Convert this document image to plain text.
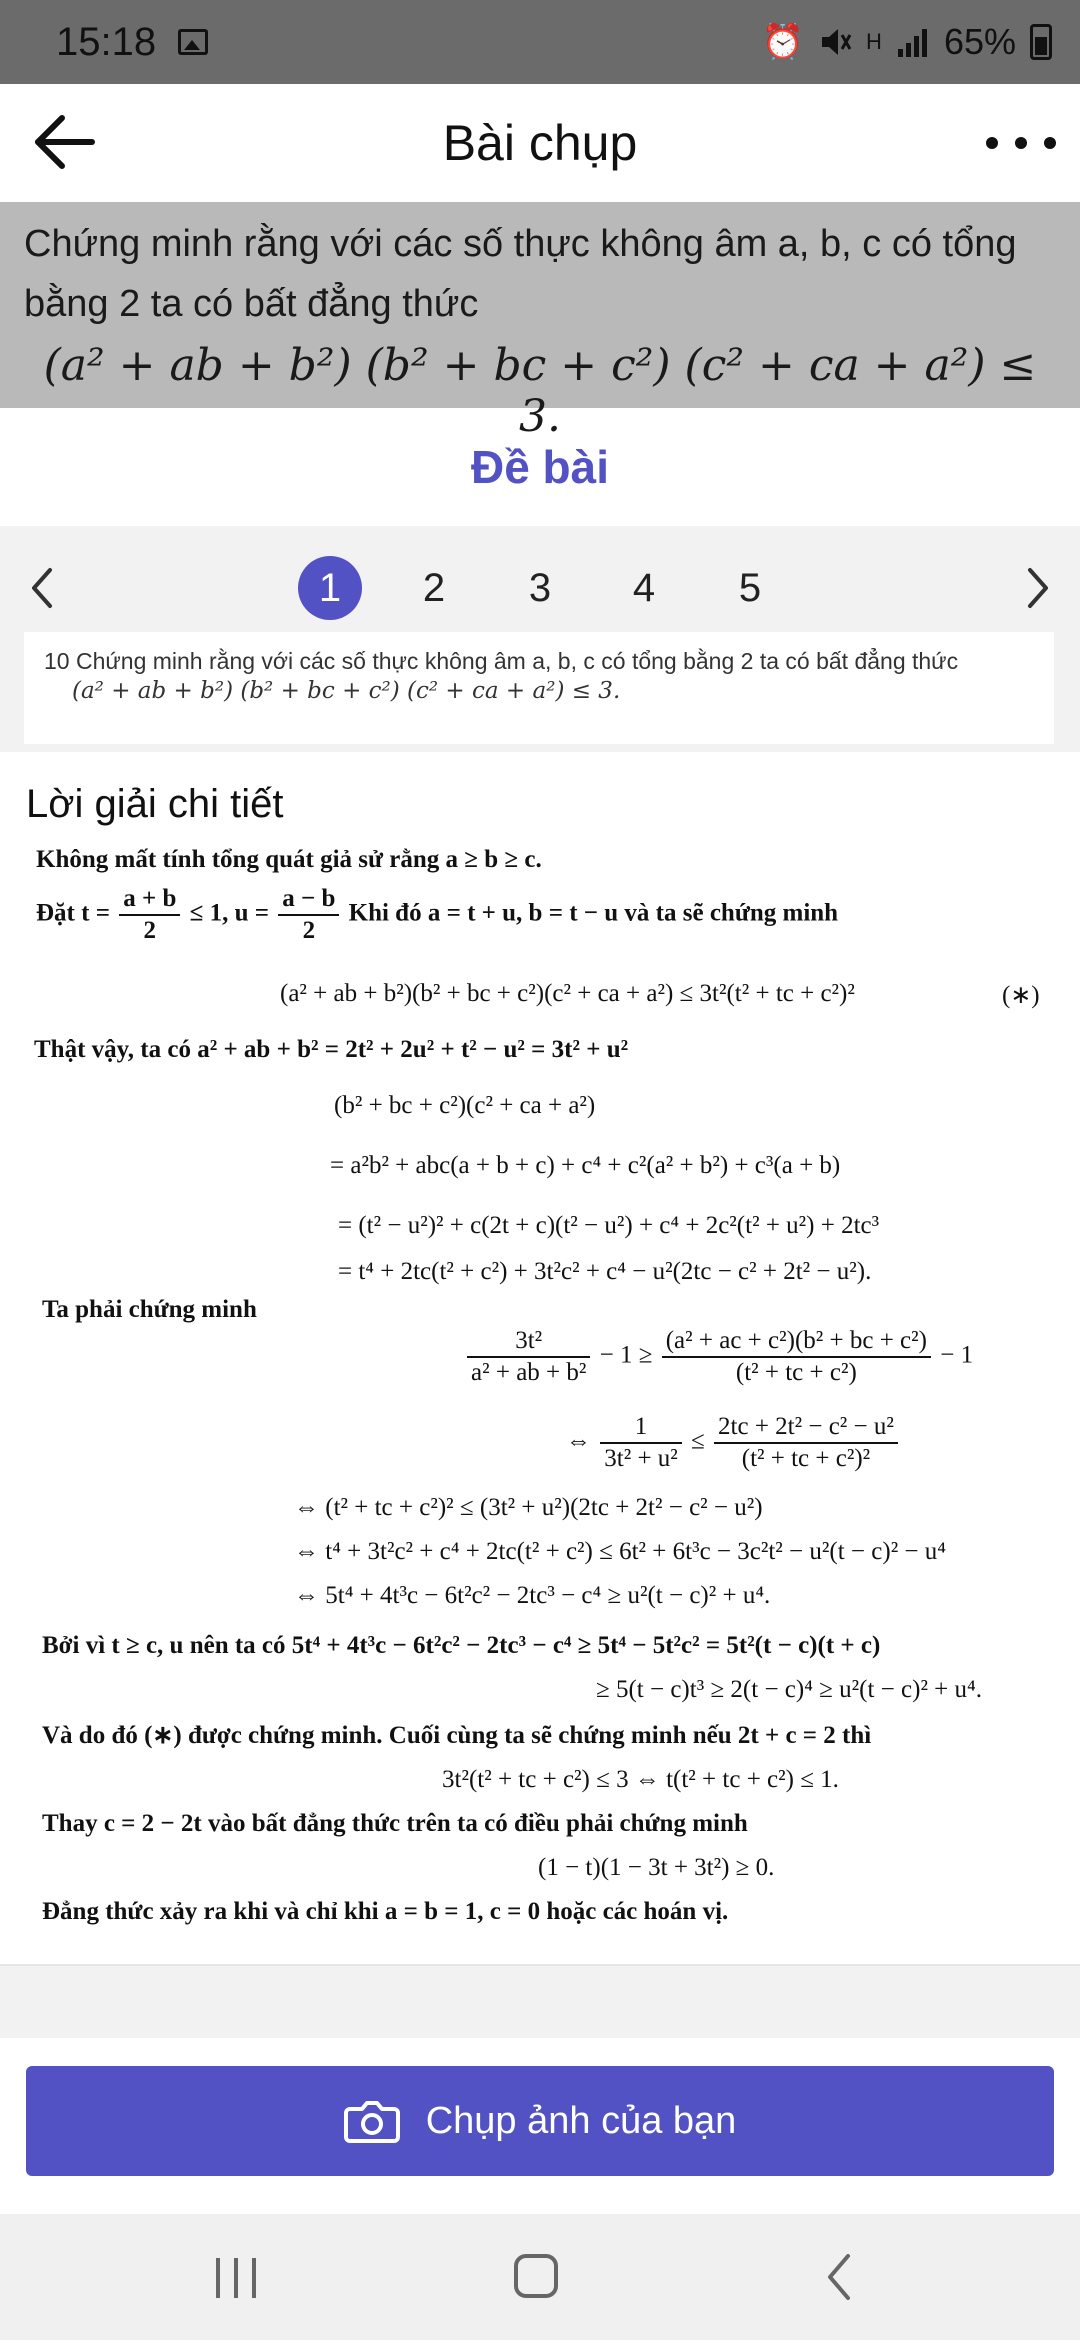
15:18	⏰	H 65%
Bài chụp
Chứng minh rằng với các số thực không âm a, b, c có tổng
bằng 2 ta có bất đẳng thức
(a² + ab + b²) (b² + bc + c²) (c² + ca + a²) ≤ 3.
Đề bài
1	2	3	4	5
10 Chứng minh rằng với các số thực không âm a, b, c có tổng bằng 2 ta có bất đẳng thức
(a² + ab + b²) (b² + bc + c²) (c² + ca + a²) ≤ 3.
Lời giải chi tiết
Không mất tính tổng quát giả sử rằng a ≥ b ≥ c.
Đặt $t = \frac{a + b}{2} \le 1$, $u = \frac{a - b}{2}$ Khi đó a = t + u, b = t − u và ta sẽ chứng minh
(a² + ab + b²)(b² + bc + c²)(c² + ca + a²) ≤ 3t²(t² + tc + c²)²	(∗)
Thật vậy, ta có a² + ab + b² = 2t² + 2u² + t² − u² = 3t² + u²
(b² + bc + c²)(c² + ca + a²)
= a²b² + abc(a + b + c) + c⁴ + c²(a² + b²) + c³(a + b)
= (t² − u²)² + c(2t + c)(t² − u²) + c⁴ + 2c²(t² + u²) + 2tc³
= t⁴ + 2tc(t² + c²) + 3t²c² + c⁴ − u²(2tc − c² + 2t² − u²).
Ta phải chứng minh
$\frac{\text{3t²}}{\text{a² + ab + b²}} - 1 \ge \frac{\text{(a² + ac + c²)(b² + bc + c²)}}{\text{(t² + tc + c²)}} - 1$
⇔ $\frac{1}{\text{3t² + u²}} \le \frac{\text{2tc + 2t² − c² − u²}}{\text{(t² + tc + c²)²}}$
⇔ (t² + tc + c²)² ≤ (3t² + u²)(2tc + 2t² − c² − u²)
⇔ t⁴ + 3t²c² + c⁴ + 2tc(t² + c²) ≤ 6t² + 6t³c − 3c²t² − u²(t − c)² − u⁴
⇔ 5t⁴ + 4t³c − 6t²c² − 2tc³ − c⁴ ≥ u²(t − c)² + u⁴.
Bởi vì t ≥ c, u nên ta có 5t⁴ + 4t³c − 6t²c² − 2tc³ − c⁴ ≥ 5t⁴ − 5t²c² = 5t²(t − c)(t + c)
≥ 5(t − c)t³ ≥ 2(t − c)⁴ ≥ u²(t − c)² + u⁴.
Và do đó (∗) được chứng minh. Cuối cùng ta sẽ chứng minh nếu 2t + c = 2 thì
3t²(t² + tc + c²) ≤ 3 ⇔ t(t² + tc + c²) ≤ 1.
Thay c = 2 − 2t vào bất đẳng thức trên ta có điều phải chứng minh
(1 − t)(1 − 3t + 3t²) ≥ 0.
Đẳng thức xảy ra khi và chỉ khi a = b = 1, c = 0 hoặc các hoán vị.
Chụp ảnh của bạn
